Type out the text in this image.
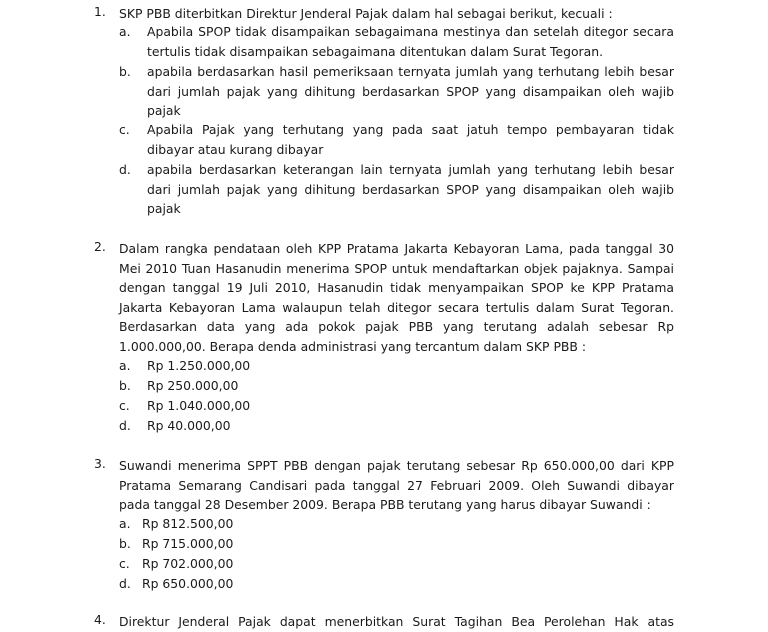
1. SKP PBB diterbitkan Direktur Jenderal Pajak dalam hal sebagai berikut, kecuali :
a. Apabila SPOP tidak disampaikan sebagaimana mestinya dan setelah ditegor secara tertulis tidak disampaikan sebagaimana ditentukan dalam Surat Tegoran.
b. apabila berdasarkan hasil pemeriksaan ternyata jumlah yang terhutang lebih besar dari jumlah pajak yang dihitung berdasarkan SPOP yang disampaikan oleh wajib pajak
c. Apabila Pajak yang terhutang yang pada saat jatuh tempo pembayaran tidak dibayar atau kurang dibayar
d. apabila berdasarkan keterangan lain ternyata jumlah yang terhutang lebih besar dari jumlah pajak yang dihitung berdasarkan SPOP yang disampaikan oleh wajib pajak
2. Dalam rangka pendataan oleh KPP Pratama Jakarta Kebayoran Lama, pada tanggal 30 Mei 2010 Tuan Hasanudin menerima SPOP untuk mendaftarkan objek pajaknya. Sampai dengan tanggal 19 Juli 2010, Hasanudin tidak menyampaikan SPOP ke KPP Pratama Jakarta Kebayoran Lama walaupun telah ditegor secara tertulis dalam Surat Tegoran. Berdasarkan data yang ada pokok pajak PBB yang terutang adalah sebesar Rp 1.000.000,00. Berapa denda administrasi yang tercantum dalam SKP PBB :
a. Rp 1.250.000,00
b. Rp 250.000,00
c. Rp 1.040.000,00
d. Rp 40.000,00
3. Suwandi menerima SPPT PBB dengan pajak terutang sebesar Rp 650.000,00 dari KPP Pratama Semarang Candisari pada tanggal 27 Februari 2009. Oleh Suwandi dibayar pada tanggal 28 Desember 2009. Berapa PBB terutang yang harus dibayar Suwandi :
a. Rp 812.500,00
b. Rp 715.000,00
c. Rp 702.000,00
d. Rp 650.000,00
4. Direktur Jenderal Pajak dapat menerbitkan Surat Tagihan Bea Perolehan Hak atas
